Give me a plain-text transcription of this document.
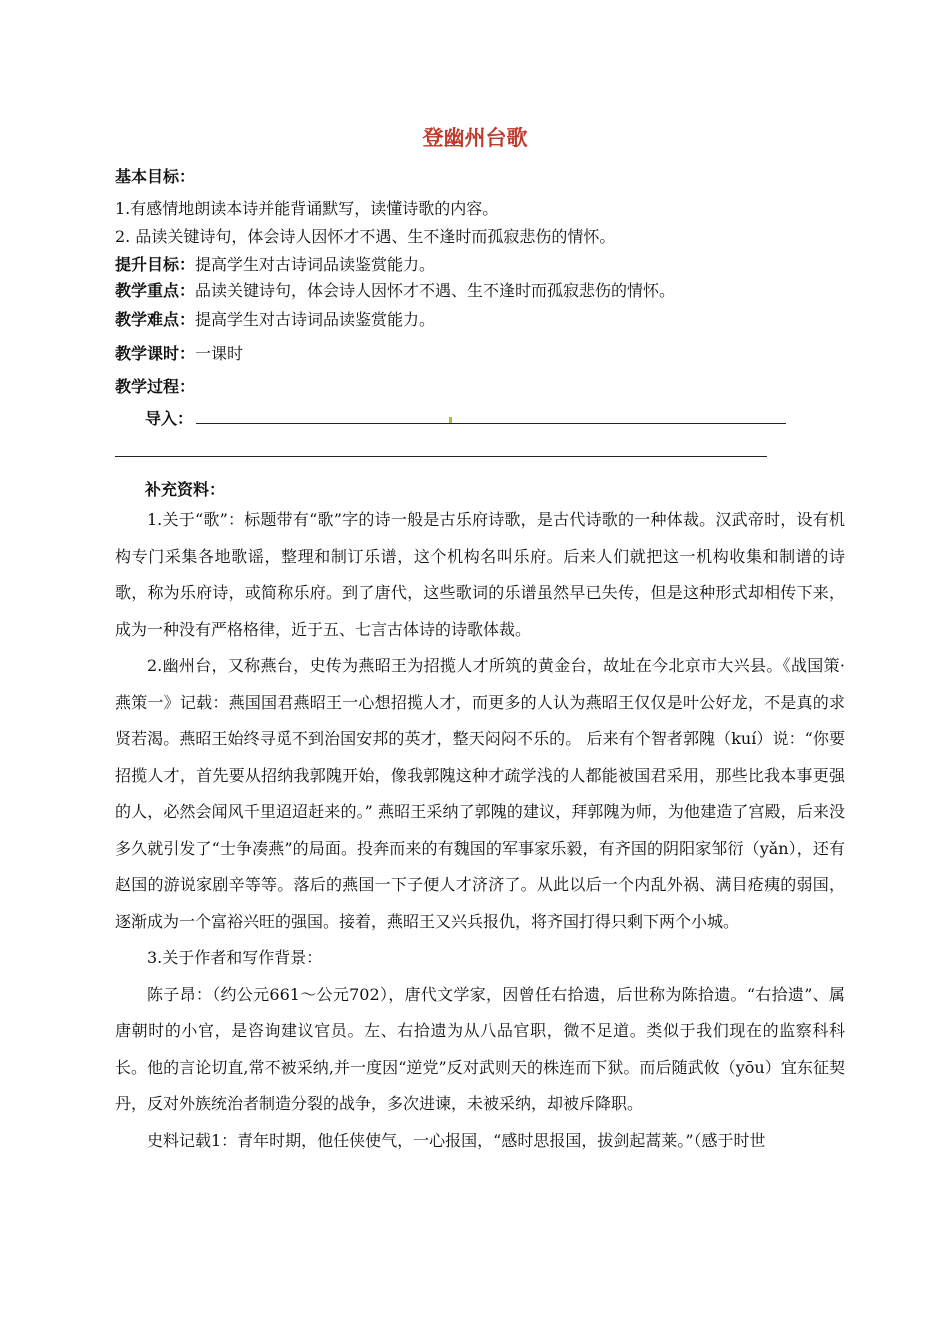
登幽州台歌
基本目标：
1.有感情地朗读本诗并能背诵默写，读懂诗歌的内容。
2. 品读关键诗句，体会诗人因怀才不遇、生不逢时而孤寂悲伤的情怀。
提升目标：提高学生对古诗词品读鉴赏能力。
教学重点：品读关键诗句，体会诗人因怀才不遇、生不逢时而孤寂悲伤的情怀。
教学难点：提高学生对古诗词品读鉴赏能力。
教学课时：一课时
教学过程：
导入：
补充资料：

1.关于“歌”：标题带有“歌”字的诗一般是古乐府诗歌，是古代诗歌的一种体裁。汉武帝时，设有机构专门采集各地歌谣，整理和制订乐谱，这个机构名叫乐府。后来人们就把这一机构收集和制谱的诗歌，称为乐府诗，或简称乐府。到了唐代，这些歌词的乐谱虽然早已失传，但是这种形式却相传下来，成为一种没有严格格律，近于五、七言古体诗的诗歌体裁。

2.幽州台，又称燕台，史传为燕昭王为招揽人才所筑的黄金台，故址在今北京市大兴县。《战国策·燕策一》记载：燕国国君燕昭王一心想招揽人才，而更多的人认为燕昭王仅仅是叶公好龙，不是真的求贤若渴。燕昭王始终寻觅不到治国安邦的英才，整天闷闷不乐的。 后来有个智者郭隗（kuí）说：“你要招揽人才，首先要从招纳我郭隗开始，像我郭隗这种才疏学浅的人都能被国君采用，那些比我本事更强的人，必然会闻风千里迢迢赶来的。” 燕昭王采纳了郭隗的建议，拜郭隗为师，为他建造了宫殿，后来没多久就引发了“士争凑燕”的局面。投奔而来的有魏国的军事家乐毅，有齐国的阴阳家邹衍（yǎn），还有赵国的游说家剧辛等等。落后的燕国一下子便人才济济了。从此以后一个内乱外祸、满目疮痍的弱国，逐渐成为一个富裕兴旺的强国。接着，燕昭王又兴兵报仇，将齐国打得只剩下两个小城。

3.关于作者和写作背景：

陈子昂：（约公元661～公元702），唐代文学家，因曾任右拾遗，后世称为陈拾遗。“右拾遗”、属唐朝时的小官，是咨询建议官员。左、右拾遗为从八品官职，微不足道。类似于我们现在的监察科科长。他的言论切直,常不被采纳,并一度因“逆党”反对武则天的株连而下狱。而后随武攸（yōu）宜东征契丹，反对外族统治者制造分裂的战争，多次进谏，未被采纳，却被斥降职。

史料记载1：青年时期，他任侠使气，一心报国，“感时思报国，拔剑起蒿莱。”（感于时世
